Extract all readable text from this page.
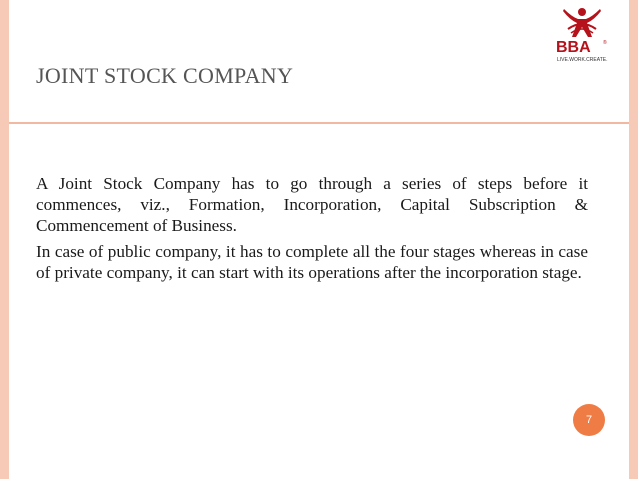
BBA ®
LIVE.WORK.CREATE.
JOINT STOCK COMPANY

A Joint Stock Company has to go through a series of steps before it commences, viz., Formation, Incorporation, Capital Subscription & Commencement of Business.

In case of public company, it has to complete all the four stages whereas in case of private company, it can start with its operations after the incorporation stage.

7
